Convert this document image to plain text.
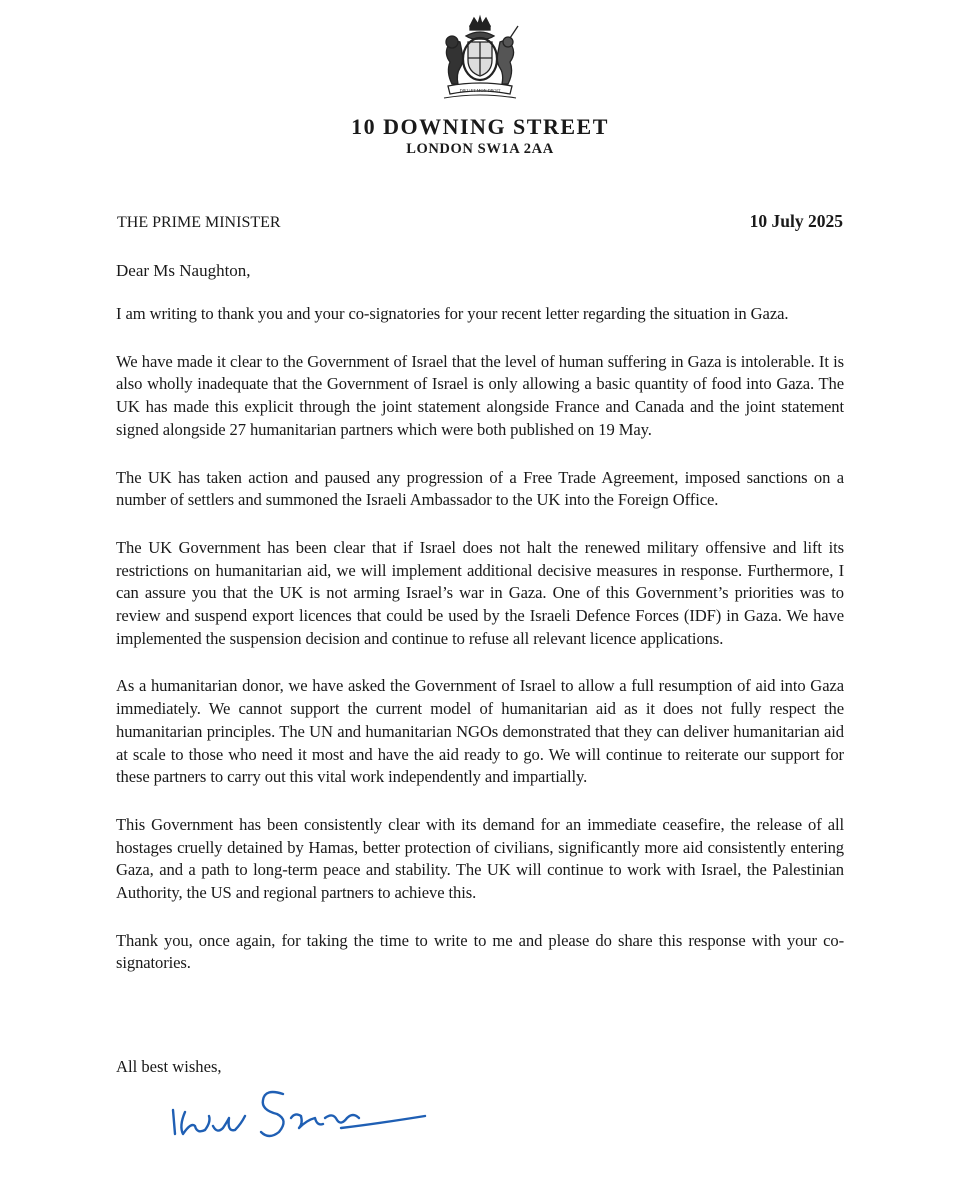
DIEU ET MON DROIT
10 DOWNING STREET
LONDON SW1A 2AA
THE PRIME MINISTER	10 July 2025
Dear Ms Naughton,

I am writing to thank you and your co-signatories for your recent letter regarding the situation in Gaza.

We have made it clear to the Government of Israel that the level of human suffering in Gaza is intolerable. It is also wholly inadequate that the Government of Israel is only allowing a basic quantity of food into Gaza. The UK has made this explicit through the joint statement alongside France and Canada and the joint statement signed alongside 27 humanitarian partners which were both published on 19 May.

The UK has taken action and paused any progression of a Free Trade Agreement, imposed sanctions on a number of settlers and summoned the Israeli Ambassador to the UK into the Foreign Office.

The UK Government has been clear that if Israel does not halt the renewed military offensive and lift its restrictions on humanitarian aid, we will implement additional decisive measures in response. Furthermore, I can assure you that the UK is not arming Israel’s war in Gaza. One of this Government’s priorities was to review and suspend export licences that could be used by the Israeli Defence Forces (IDF) in Gaza. We have implemented the suspension decision and continue to refuse all relevant licence applications.

As a humanitarian donor, we have asked the Government of Israel to allow a full resumption of aid into Gaza immediately. We cannot support the current model of humanitarian aid as it does not fully respect the humanitarian principles. The UN and humanitarian NGOs demonstrated that they can deliver humanitarian aid at scale to those who need it most and have the aid ready to go. We will continue to reiterate our support for these partners to carry out this vital work independently and impartially.

This Government has been consistently clear with its demand for an immediate ceasefire, the release of all hostages cruelly detained by Hamas, better protection of civilians, significantly more aid consistently entering Gaza, and a path to long-term peace and stability. The UK will continue to work with Israel, the Palestinian Authority, the US and regional partners to achieve this.

Thank you, once again, for taking the time to write to me and please do share this response with your co-signatories.

All best wishes,
